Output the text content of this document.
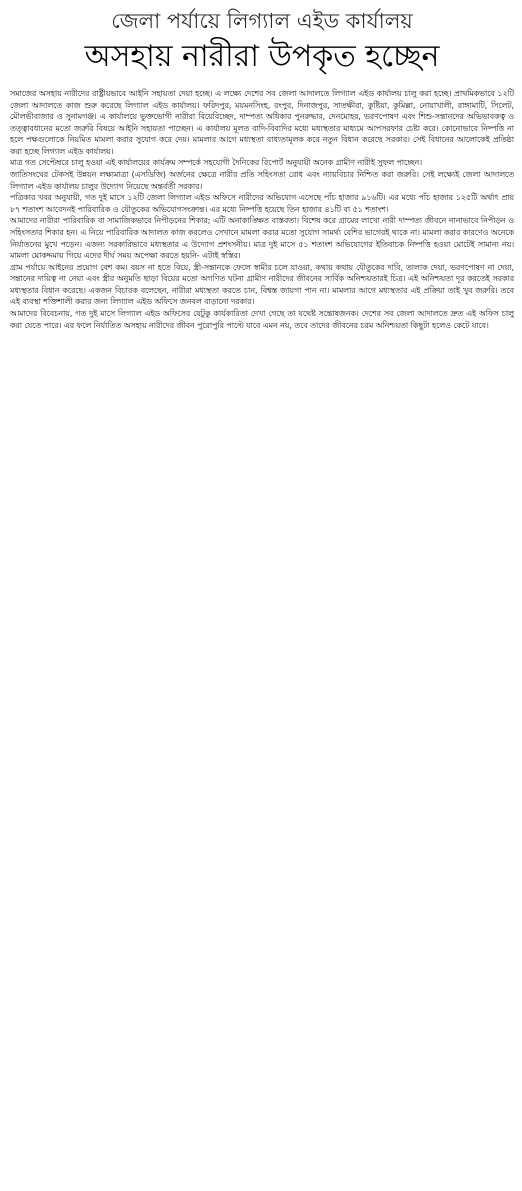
জেলা পর্যায়ে লিগ্যাল এইড কার্যালয়
অসহায় নারীরা উপকৃত হচ্ছেন

সমাজের অসহায় নারীদের রাষ্ট্রীয়ভাবে আইনি সহায়তা দেয়া হচ্ছে। এ লক্ষ্যে দেশের সব জেলা আদালতে লিগ্যাল এইড কার্যালয় চালু করা হচ্ছে। প্রাথমিকভাবে ১২টি জেলা আদালতে কাজ শুরু করেছে লিগ্যাল এইড কার্যালয়। ফরিদপুর, ময়মনসিংহ, রংপুর, দিনাজপুর, সাতক্ষীরা, কুষ্টিয়া, কুমিল্লা, নোয়াখালী, রাঙ্গামাটি, সিলেট, মৌলভীবাজার ও সুনামগঞ্জ। এ কার্যালয়ে ভুক্তভোগী নারীরা বিয়েবিচ্ছেদ, দাম্পত্য অধিকার পুনরুদ্ধার, দেনমোহর, ভরণপোষণ এবং শিশু-সন্তানদের অভিভাবকত্ব ও তত্ত্বাবধানের মতো জরুরি বিষয়ে আইনি সহায়তা পাচ্ছেন। এ কার্যালয় মূলত বাদি-বিবাদির মধ্যে মধ্যস্থতার মাধ্যমে আপসরফার চেষ্টা করে। কোনোভাবে নিষ্পত্তি না হলে পক্ষগুলোকে নিয়মিত মামলা করার সুযোগ করে দেয়। মামলার আগে মধ্যস্থতা বাধ্যতামূলক করে নতুন বিধান করেছে সরকার। সেই বিধানের আলোকেই প্রতিষ্ঠা করা হচ্ছে লিগ্যাল এইড কার্যালয়।

মাত্র গত সেপ্টেম্বরে চালু হওয়া এই কার্যালয়ের কার্যক্রম সম্পর্কে সহযোগী দৈনিকের রিপোর্ট অনুযায়ী অনেক গ্রামীণ নারীই সুফল পাচ্ছেন।

জাতিসংঘের টেকসই উন্নয়ন লক্ষ্যমাত্রা (এসডিজি) অর্জনের ক্ষেত্রে নারীর প্রতি সহিংসতা রোধ এবং ন্যায়বিচার নিশ্চিত করা জরুরি। সেই লক্ষ্যেই জেলা আদালতে লিগ্যাল এইড কার্যালয় চালুর উদ্যোগ নিয়েছে অন্তর্বর্তী সরকার।

পত্রিকার খবর অনুযায়ী, গত দুই মাসে ১২টি জেলা লিগ্যাল এইড অফিসে নারীদের অভিযোগ এসেছে পাঁচ হাজার ৯১৬টি। এর মধ্যে পাঁচ হাজার ১২৫টি অর্থাৎ প্রায় ৮৭ শতাংশ আবেদনই পারিবারিক ও যৌতুকের অভিযোগসংক্রান্ত। এর মধ্যে নিষ্পত্তি হয়েছে তিন হাজার ৪১টি বা ৫১ শতাংশ।

আমাদের নারীরা পারিবারিক বা সামাজিকভাবে নিপীড়নের শিকার; এটি অনাকাঙ্ক্ষিত বাস্তবতা। বিশেষ করে গ্রামের লাখো নারী দাম্পত্য জীবনে নানাভাবে নিপীড়ন ও সহিংসতার শিকার হন। এ নিয়ে পারিবারিক আদালত কাজ করলেও সেখানে মামলা করার মতো সুযোগ সামর্থ্য বেশির ভাগেরই থাকে না। মামলা করার কারণেও অনেকে নির্যাতনের মুখে পড়েন। এজন্য সরকারিভাবে মধ্যস্থতার এ উদ্যোগ প্রশংসনীয়। মাত্র দুই মাসে ৫১ শতাংশ অভিযোগের ইতিবাচক নিষ্পত্তি হওয়া মোটেই সামান্য নয়। মামলা মোকদ্দমায় গিয়ে এদের দীর্ঘ সময় অপেক্ষা করতে হয়নি- এটাই স্বস্তির।

গ্রাম পর্যায়ে আইনের প্রয়োগ বেশ কম। বয়স না হতে বিয়ে, স্ত্রী-সন্তানকে ফেলে স্বামীর চলে যাওয়া, কথায় কথায় যৌতুকের দাবি, তালাক দেয়া, ভরণপোষণ না দেয়া, সন্তানের দায়িত্ব না নেয়া এবং স্ত্রীর অনুমতি ছাড়া বিয়ের মতো অগণিত ঘটনা গ্রামীণ নারীদের জীবনের সার্বিক অনিশ্চয়তারই চিত্র। এই অনিশ্চয়তা দূর করতেই সরকার মধ্যস্থতার বিধান করেছে। একজন বিচারক বলেছেন, নারীরা মধ্যস্থতা করতে চান, বিশ্বস্ত জায়গা পান না। মামলার আগে মধ্যস্থতার এই প্রক্রিয়া তাই খুব জরুরি। তবে এই ব্যবস্থা শক্তিশালী করার জন্য লিগ্যাল এইড অফিসে জনবল বাড়ানো দরকার।

আমাদের বিবেচনায়, গত দুই মাসে লিগ্যাল এইড অফিসের যেটুকু কার্যকারিতা দেখা গেছে তা যথেষ্ট সন্তোষজনক। দেশের সব জেলা আদালতে দ্রুত এই অফিস চালু করা যেতে পারে। এর ফলে নির্যাতিত অসহায় নারীদের জীবন পুরোপুরি পাল্টে যাবে এমন নয়, তবে তাদের জীবনের চরম অনিশ্চয়তা কিছুটা হলেও কেটে যাবে।
